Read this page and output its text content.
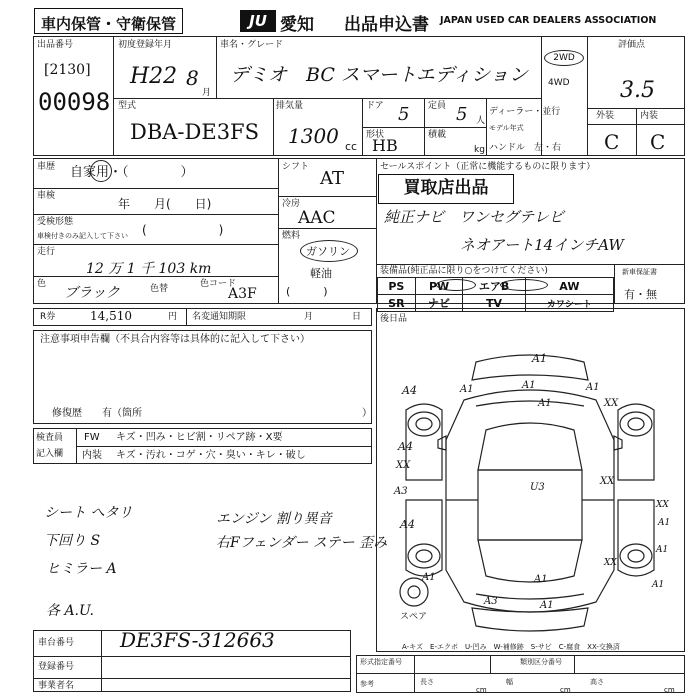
車内保管・守衛保管	JU 愛知 出品申込書 JAPAN USED CAR DEALERS ASSOCIATION
出品番号
[2130]
00098
初度登録年月
H22 8
月
車名・グレード
デミオ　BC スマートエディション
2WD
4WD
評価点
3.5
型式
DBA-DE3FS
排気量
1300 cc
ドア 5 定員 5 人
形状
HB
積載
kg
ディーラー・並行
モデル年式
ハンドル　左・右
外装	内装
C C
車歴 自家用・（　　　　）
車検
年　　月(　　日)
受検形態
車検付きのみ記入して下さい (　　　　　　)
走行
12 万 1 千 103 km
色
ブラック	色替	色コード
A3F
シフト
AT
冷房
AAC
燃料
ガソリン
軽油
(　　　)
セールスポイント（正常に機能するものに限ります）
買取店出品
純正ナビ　ワンセグテレビ
ネオアート14インチAW
装備品(純正品に限り○をつけてください)
PS	PW	エアB	AW
SR	ナビ	TV	カワシート
新車保証書
有・無
R券	14,510	円 名変通知期限	月	日
注意事項申告欄（不具合内容等は具体的に記入して下さい）
修復歴　　有（箇所	）
検査員
記入欄
FW キズ・凹み・ヒビ割・リペア跡・X要
内装 キズ・汚れ・コゲ・穴・臭い・キレ・破し
シート へタリ	エンジン 割り異音
下回り S	右Fフェンダー ステー 歪み
ヒミラー A
各 A.U.
後日品
スペア
A1
A1
A1
A4	A1
XX
A1
A4
XX
A3	U3
XX
A4
XX
A1
A1
A1
A1
A3
A1
A1
XX
A-キズ　E-エクボ　U-凹み　W-補修跡　S-サビ　C-腐食　XX-交換済
車台番号 DE3FS-312663
登録番号
事業者名
形式指定番号	類別区分番号
参考	長さ
cm
幅
cm
高さ
cm
